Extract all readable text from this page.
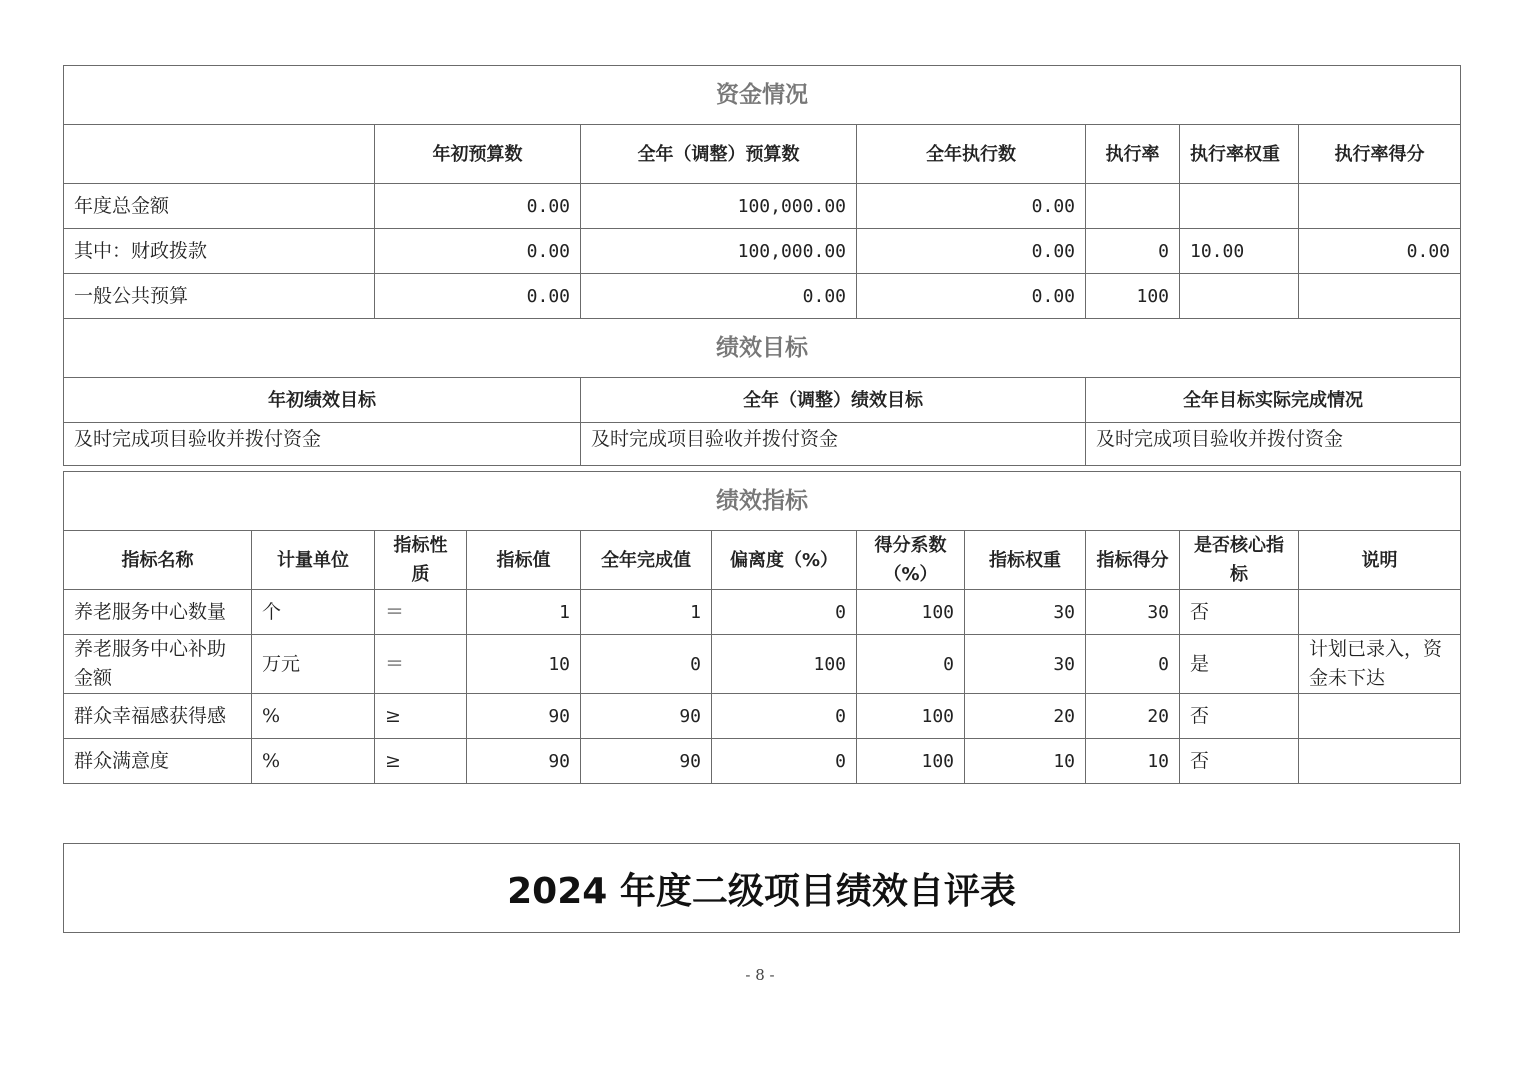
资金情况						
	年初预算数	全年（调整）预算数	全年执行数	执行率	执行率权重	执行率得分
年度总金额	0.00	100,000.00	0.00			
其中：财政拨款	0.00	100,000.00	0.00	0	10.00	0.00
一般公共预算	0.00	0.00	0.00	100		
绩效目标						
年初绩效目标		全年（调整）绩效目标		全年目标实际完成情况		
及时完成项目验收并拨付资金		及时完成项目验收并拨付资金		及时完成项目验收并拨付资金		
绩效指标										
指标名称	计量单位	指标性质	指标值	全年完成值	偏离度（%）	得分系数（%）	指标权重	指标得分	是否核心指标	说明
养老服务中心数量	个	＝	1	1	0	100	30	30	否	
养老服务中心补助金额	万元	＝	10	0	100	0	30	0	是	计划已录入，资金未下达
群众幸福感获得感	%	≥	90	90	0	100	20	20	否	
群众满意度	%	≥	90	90	0	100	10	10	否	
2024 年度二级项目绩效自评表
- 8 -
